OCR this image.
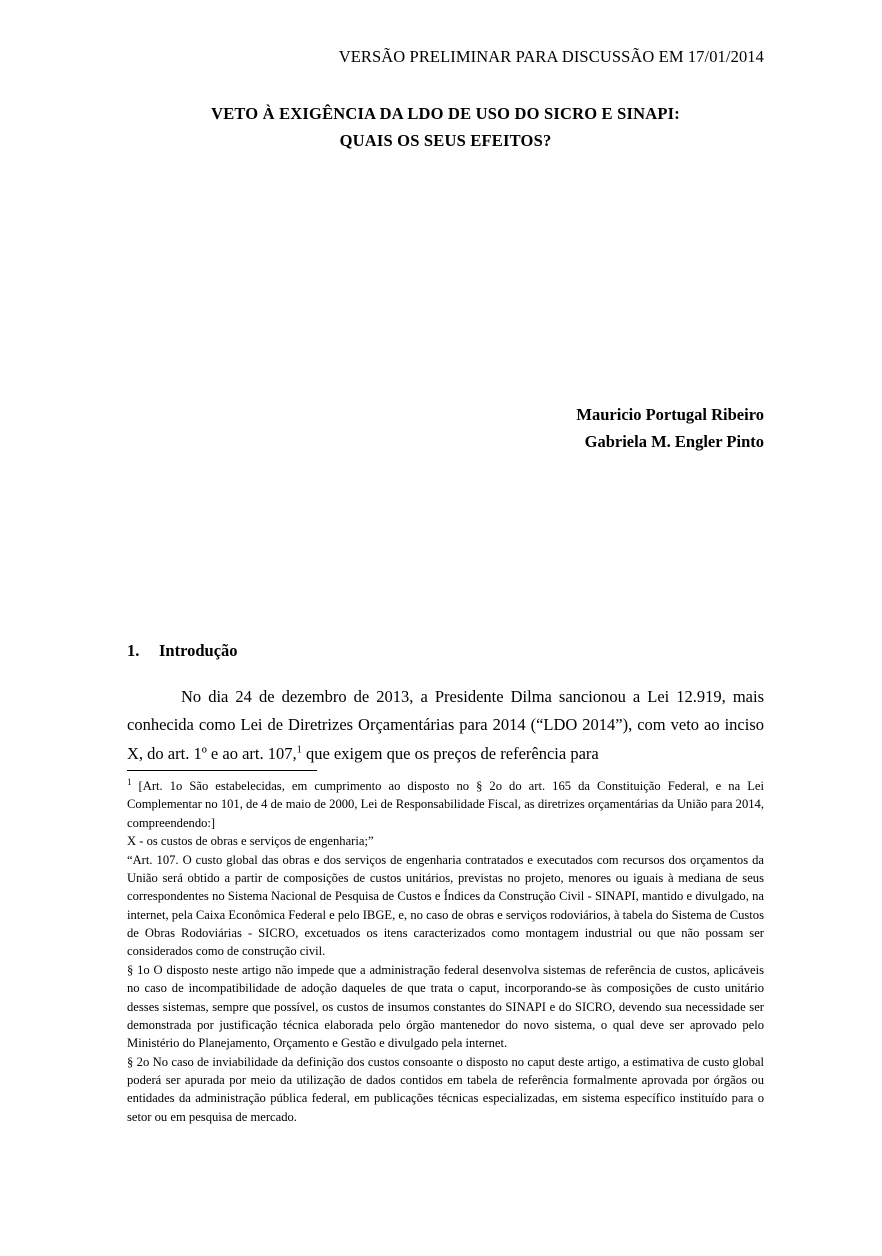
VERSÃO PRELIMINAR PARA DISCUSSÃO EM 17/01/2014
VETO À EXIGÊNCIA DA LDO DE USO DO SICRO E SINAPI:
QUAIS OS SEUS EFEITOS?
Mauricio Portugal Ribeiro
Gabriela M. Engler Pinto
1.	Introdução
No dia 24 de dezembro de 2013, a Presidente Dilma sancionou a Lei 12.919, mais conhecida como Lei de Diretrizes Orçamentárias para 2014 (“LDO 2014”), com veto ao inciso X, do art. 1º e ao art. 107,$^1$ que exigem que os preços de referência para
$^1$ [Art. 1o São estabelecidas, em cumprimento ao disposto no § 2o do art. 165 da Constituição Federal, e na Lei Complementar no 101, de 4 de maio de 2000, Lei de Responsabilidade Fiscal, as diretrizes orçamentárias da União para 2014, compreendendo:]
X - os custos de obras e serviços de engenharia;”
“Art. 107. O custo global das obras e dos serviços de engenharia contratados e executados com recursos dos orçamentos da União será obtido a partir de composições de custos unitários, previstas no projeto, menores ou iguais à mediana de seus correspondentes no Sistema Nacional de Pesquisa de Custos e Índices da Construção Civil - SINAPI, mantido e divulgado, na internet, pela Caixa Econômica Federal e pelo IBGE, e, no caso de obras e serviços rodoviários, à tabela do Sistema de Custos de Obras Rodoviárias - SICRO, excetuados os itens caracterizados como montagem industrial ou que não possam ser considerados como de construção civil.
§ 1o O disposto neste artigo não impede que a administração federal desenvolva sistemas de referência de custos, aplicáveis no caso de incompatibilidade de adoção daqueles de que trata o caput, incorporando-se às composições de custo unitário desses sistemas, sempre que possível, os custos de insumos constantes do SINAPI e do SICRO, devendo sua necessidade ser demonstrada por justificação técnica elaborada pelo órgão mantenedor do novo sistema, o qual deve ser aprovado pelo Ministério do Planejamento, Orçamento e Gestão e divulgado pela internet.
§ 2o No caso de inviabilidade da definição dos custos consoante o disposto no caput deste artigo, a estimativa de custo global poderá ser apurada por meio da utilização de dados contidos em tabela de referência formalmente aprovada por órgãos ou entidades da administração pública federal, em publicações técnicas especializadas, em sistema específico instituído para o setor ou em pesquisa de mercado.
